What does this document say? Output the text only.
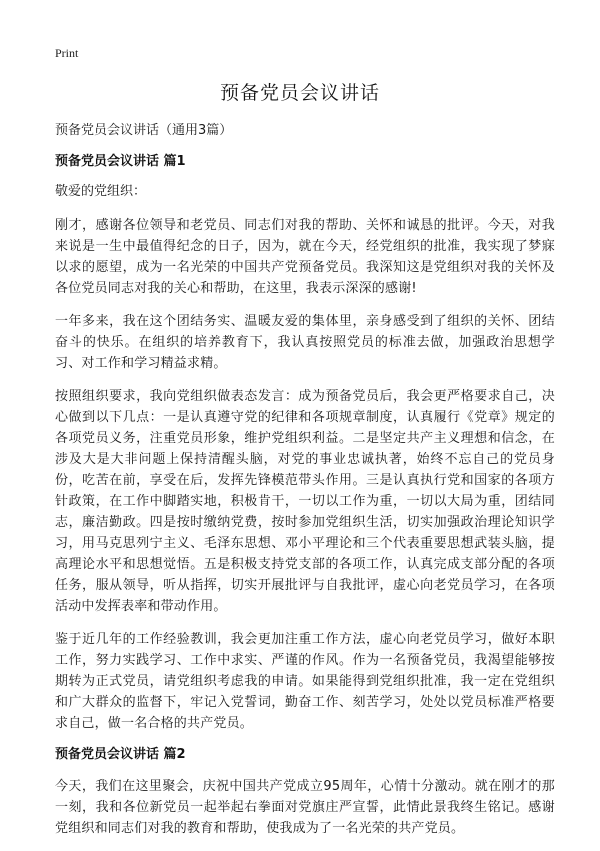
Print
预备党员会议讲话

预备党员会议讲话（通用3篇）

预备党员会议讲话 篇1

敬爱的党组织：

刚才，感谢各位领导和老党员、同志们对我的帮助、关怀和诚恳的批评。今天，对我来说是一生中最值得纪念的日子，因为，就在今天，经党组织的批准，我实现了梦寐以求的愿望，成为一名光荣的中国共产党预备党员。我深知这是党组织对我的关怀及各位党员同志对我的关心和帮助，在这里，我表示深深的感谢!

一年多来，我在这个团结务实、温暖友爱的集体里，亲身感受到了组织的关怀、团结奋斗的快乐。在组织的培养教育下，我认真按照党员的标准去做，加强政治思想学习、对工作和学习精益求精。

按照组织要求，我向党组织做表态发言：成为预备党员后，我会更严格要求自己，决心做到以下几点：一是认真遵守党的纪律和各项规章制度，认真履行《党章》规定的各项党员义务，注重党员形象，维护党组织利益。二是坚定共产主义理想和信念，在涉及大是大非问题上保持清醒头脑，对党的事业忠诚执著，始终不忘自己的党员身份，吃苦在前，享受在后，发挥先锋模范带头作用。三是认真执行党和国家的各项方针政策，在工作中脚踏实地，积极肯干，一切以工作为重，一切以大局为重，团结同志，廉洁勤政。四是按时缴纳党费，按时参加党组织生活，切实加强政治理论知识学习，用马克思列宁主义、毛泽东思想、邓小平理论和三个代表重要思想武装头脑，提高理论水平和思想觉悟。五是积极支持党支部的各项工作，认真完成支部分配的各项任务，服从领导，听从指挥，切实开展批评与自我批评，虚心向老党员学习，在各项活动中发挥表率和带动作用。

鉴于近几年的工作经验教训，我会更加注重工作方法，虚心向老党员学习，做好本职工作，努力实践学习、工作中求实、严谨的作风。作为一名预备党员，我渴望能够按期转为正式党员，请党组织考虑我的申请。如果能得到党组织批准，我一定在党组织和广大群众的监督下，牢记入党誓词，勤奋工作、刻苦学习，处处以党员标准严格要求自己，做一名合格的共产党员。

预备党员会议讲话 篇2

今天，我们在这里聚会，庆祝中国共产党成立95周年，心情十分激动。就在刚才的那一刻，我和各位新党员一起举起右拳面对党旗庄严宣誓，此情此景我终生铭记。感谢党组织和同志们对我的教育和帮助，使我成为了一名光荣的共产党员。
